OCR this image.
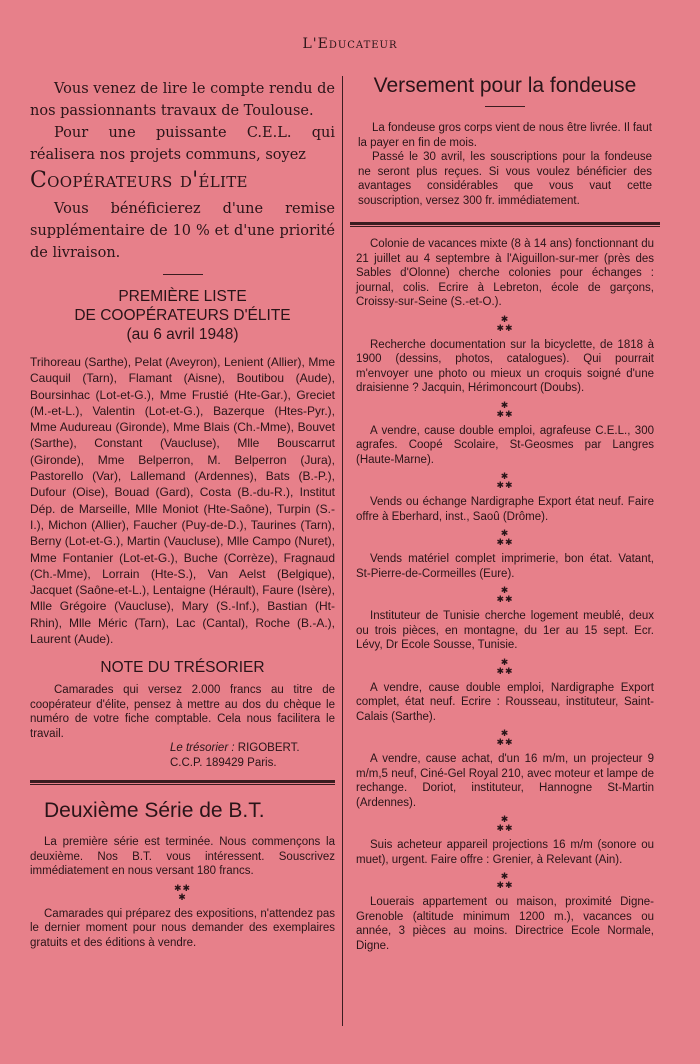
L'Educateur

Vous venez de lire le compte rendu de nos passionnants travaux de Toulouse.

Pour une puissante C.E.L. qui réalisera nos projets communs, soyez

Coopérateurs d'élite

Vous bénéficierez d'une remise supplémentaire de 10 % et d'une priorité de livraison.

PREMIÈRE LISTE
DE COOPÉRATEURS D'ÉLITE
(au 6 avril 1948)
Trihoreau (Sarthe), Pelat (Aveyron), Lenient (Allier), Mme Cauquil (Tarn), Flamant (Aisne), Boutibou (Aude), Boursinhac (Lot-et-G.), Mme Frustié (Hte-Gar.), Greciet (M.-et-L.), Valentin (Lot-et-G.), Bazerque (Htes-Pyr.), Mme Audureau (Gironde), Mme Blais (Ch.-Mme), Bouvet (Sarthe), Constant (Vaucluse), Mlle Bouscarrut (Gironde), Mme Belperron, M. Belperron (Jura), Pastorello (Var), Lallemand (Ardennes), Bats (B.-P.), Dufour (Oise), Bouad (Gard), Costa (B.-du-R.), Institut Dép. de Marseille, Mlle Moniot (Hte-Saône), Turpin (S.-I.), Michon (Allier), Faucher (Puy-de-D.), Taurines (Tarn), Berny (Lot-et-G.), Martin (Vaucluse), Mlle Campo (Nuret), Mme Fontanier (Lot-et-G.), Buche (Corrèze), Fragnaud (Ch.-Mme), Lorrain (Hte-S.), Van Aelst (Belgique), Jacquet (Saône-et-L.), Lentaigne (Hérault), Faure (Isère), Mlle Grégoire (Vaucluse), Mary (S.-Inf.), Bastian (Ht-Rhin), Mlle Méric (Tarn), Lac (Cantal), Roche (B.-A.), Laurent (Aude).
NOTE DU TRÉSORIER
Camarades qui versez 2.000 francs au titre de coopérateur d'élite, pensez à mettre au dos du chèque le numéro de votre fiche comptable. Cela nous facilitera le travail.
Le trésorier : RIGOBERT.
C.C.P. 189429 Paris.
Deuxième Série de B.T.
La première série est terminée. Nous commençons la deuxième. Nos B.T. vous intéressent. Souscrivez immédiatement en nous versant 180 francs.
✱✱
✱
Camarades qui préparez des expositions, n'attendez pas le dernier moment pour nous demander des exemplaires gratuits et des éditions à vendre.
Versement pour la fondeuse
La fondeuse gros corps vient de nous être livrée. Il faut la payer en fin de mois.
Passé le 30 avril, les souscriptions pour la fondeuse ne seront plus reçues. Si vous voulez bénéficier des avantages considérables que vous vaut cette souscription, versez 300 fr. immédiatement.
Colonie de vacances mixte (8 à 14 ans) fonctionnant du 21 juillet au 4 septembre à l'Aiguillon-sur-mer (près des Sables d'Olonne) cherche colonies pour échanges : journal, colis. Ecrire à Lebreton, école de garçons, Croissy-sur-Seine (S.-et-O.).
✱
✱✱
Recherche documentation sur la bicyclette, de 1818 à 1900 (dessins, photos, catalogues). Qui pourrait m'envoyer une photo ou mieux un croquis soigné d'une draisienne ? Jacquin, Hérimoncourt (Doubs).
✱
✱✱
A vendre, cause double emploi, agrafeuse C.E.L., 300 agrafes. Coopé Scolaire, St-Geosmes par Langres (Haute-Marne).
✱
✱✱
Vends ou échange Nardigraphe Export état neuf. Faire offre à Eberhard, inst., Saoû (Drôme).
✱
✱✱
Vends matériel complet imprimerie, bon état. Vatant, St-Pierre-de-Cormeilles (Eure).
✱
✱✱
Instituteur de Tunisie cherche logement meublé, deux ou trois pièces, en montagne, du 1er au 15 sept. Ecr. Lévy, Dr Ecole Sousse, Tunisie.
✱
✱✱
A vendre, cause double emploi, Nardigraphe Export complet, état neuf. Ecrire : Rousseau, instituteur, Saint-Calais (Sarthe).
✱
✱✱
A vendre, cause achat, d'un 16 m/m, un projecteur 9 m/m,5 neuf, Ciné-Gel Royal 210, avec moteur et lampe de rechange. Doriot, instituteur, Hannogne St-Martin (Ardennes).
✱
✱✱
Suis acheteur appareil projections 16 m/m (sonore ou muet), urgent. Faire offre : Grenier, à Relevant (Ain).
✱
✱✱
Louerais appartement ou maison, proximité Digne-Grenoble (altitude minimum 1200 m.), vacances ou année, 3 pièces au moins. Directrice Ecole Normale, Digne.
